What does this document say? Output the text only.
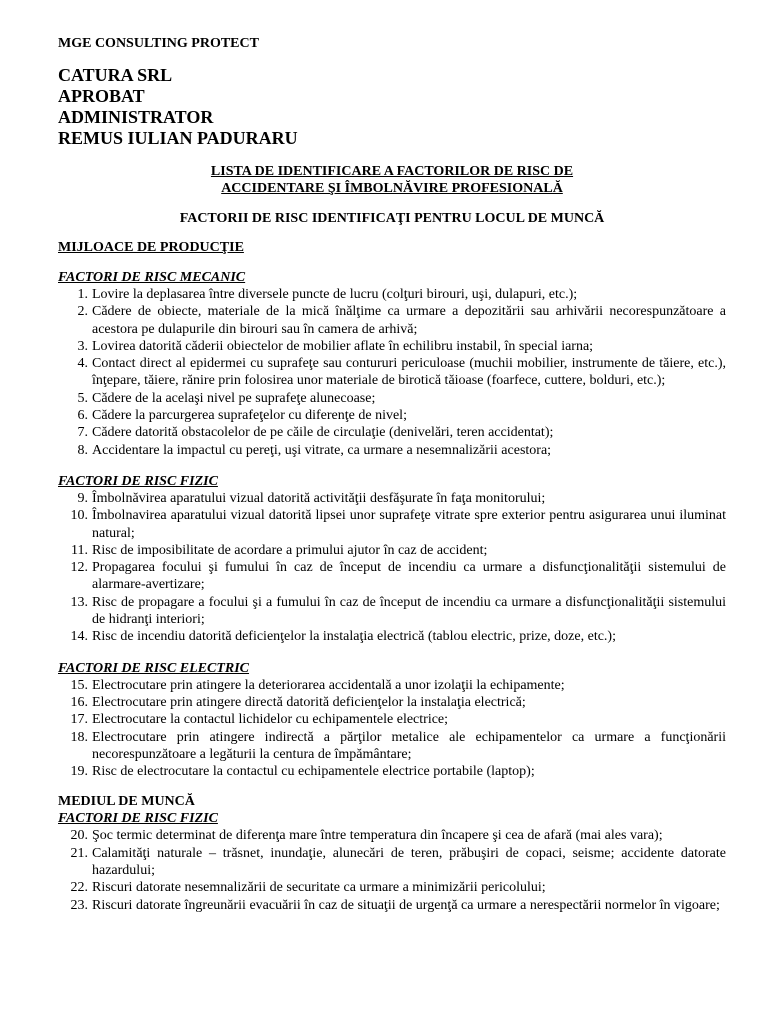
MGE CONSULTING PROTECT
CATURA SRL
APROBAT
ADMINISTRATOR
REMUS IULIAN PADURARU
LISTA DE IDENTIFICARE A FACTORILOR DE RISC DE
ACCIDENTARE ŞI ÎMBOLNĂVIRE PROFESIONALĂ
FACTORII DE RISC IDENTIFICAŢI PENTRU LOCUL DE MUNCĂ
MIJLOACE DE PRODUCŢIE
FACTORI DE RISC MECANIC
1. Lovire la deplasarea între diversele puncte de lucru (colţuri birouri, uşi, dulapuri, etc.);
2. Cădere de obiecte, materiale de la mică înălţime ca urmare a depozitării sau arhivării necorespunzătoare a acestora pe dulapurile din birouri sau în camera de arhivă;
3. Lovirea datorită căderii obiectelor de mobilier aflate în echilibru instabil, în special iarna;
4. Contact direct al epidermei cu suprafeţe sau contururi periculoase (muchii mobilier, instrumente de tăiere, etc.), înţepare, tăiere, rănire prin folosirea unor materiale de birotică tăioase (foarfece, cuttere, bolduri, etc.);
5. Cădere de la acelaşi nivel pe suprafeţe alunecoase;
6. Cădere la parcurgerea suprafeţelor cu diferenţe de nivel;
7. Cădere datorită obstacolelor de pe căile de circulaţie (denivelări, teren accidentat);
8. Accidentare la impactul cu pereţi, uşi vitrate, ca urmare a nesemnalizării acestora;
FACTORI DE RISC FIZIC
9. Îmbolnăvirea aparatului vizual datorită activităţii desfăşurate în faţa monitorului;
10. Îmbolnavirea aparatului vizual datorită lipsei unor suprafeţe vitrate spre exterior pentru asigurarea unui iluminat natural;
11. Risc de imposibilitate de acordare a primului ajutor în caz de accident;
12. Propagarea focului şi fumului în caz de început de incendiu ca urmare a disfuncţionalităţii sistemului de alarmare-avertizare;
13. Risc de propagare a focului şi a fumului în caz de început de incendiu ca urmare a disfuncţionalităţii sistemului de hidranţi interiori;
14. Risc de incendiu datorită deficienţelor la instalaţia electrică (tablou electric, prize, doze, etc.);
FACTORI DE RISC ELECTRIC
15. Electrocutare prin atingere la deteriorarea accidentală a unor izolaţii la echipamente;
16. Electrocutare prin atingere directă datorită deficienţelor la instalaţia electrică;
17. Electrocutare la contactul lichidelor cu echipamentele electrice;
18. Electrocutare prin atingere indirectă a părţilor metalice ale echipamentelor ca urmare a funcţionării necorespunzătoare a legăturii la centura de împământare;
19. Risc de electrocutare la contactul cu echipamentele electrice portabile (laptop);
MEDIUL DE MUNCĂ
FACTORI DE RISC FIZIC
20. Şoc termic determinat de diferenţa mare între temperatura din încapere şi cea de afară (mai ales vara);
21. Calamităţi naturale – trăsnet, inundaţie, alunecări de teren, prăbuşiri de copaci, seisme; accidente datorate hazardului;
22. Riscuri datorate nesemnalizării de securitate ca urmare a minimizării pericolului;
23. Riscuri datorate îngreunării evacuării în caz de situaţii de urgenţă ca urmare a nerespectării normelor în vigoare;
